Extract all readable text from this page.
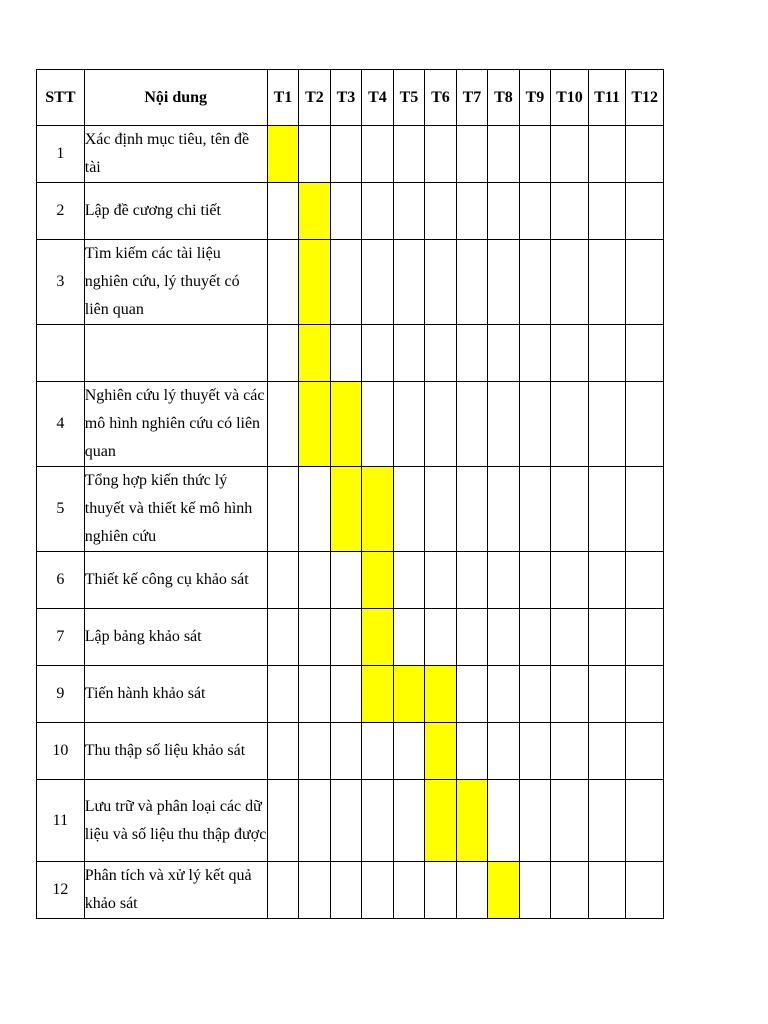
STT	Nội dung	T1	T2	T3	T4	T5	T6	T7	T8	T9	T10	T11	T12

1	Xác định mục tiêu, tên đề tài												
2	Lập đề cương chi tiết												
3	Tìm kiếm các tài liệu nghiên cứu, lý thuyết có liên quan												

4	Nghiên cứu lý thuyết và các mô hình nghiên cứu có liên quan												
5	Tổng hợp kiến thức lý thuyết và thiết kế mô hình nghiên cứu												
6	Thiết kế công cụ khảo sát												
7	Lập bảng khảo sát												
9	Tiến hành khảo sát												
10	Thu thập số liệu khảo sát												
11	Lưu trữ và phân loại các dữ liệu và số liệu thu thập được												
12	Phân tích và xử lý kết quả khảo sát												
